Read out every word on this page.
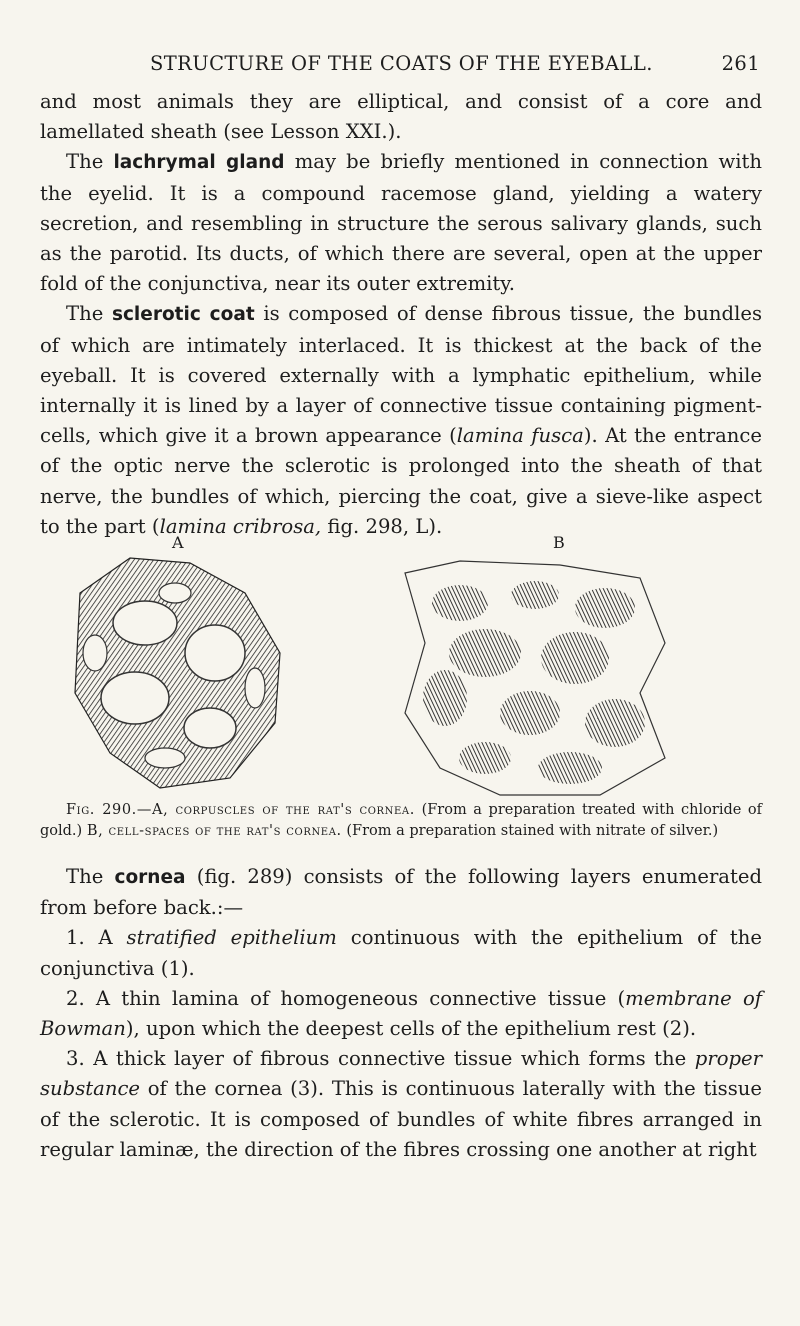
STRUCTURE OF THE COATS OF THE EYEBALL.	261

and most animals they are elliptical, and consist of a core and lamellated sheath (see Lesson XXI.).

The lachrymal gland may be briefly mentioned in connection with the eyelid. It is a compound racemose gland, yielding a watery secretion, and resembling in structure the serous salivary glands, such as the parotid. Its ducts, of which there are several, open at the upper fold of the conjunctiva, near its outer extremity.

The sclerotic coat is composed of dense fibrous tissue, the bundles of which are intimately interlaced. It is thickest at the back of the eyeball. It is covered externally with a lymphatic epithelium, while internally it is lined by a layer of connective tissue containing pigment-cells, which give it a brown appearance (lamina fusca). At the entrance of the optic nerve the sclerotic is prolonged into the sheath of that nerve, the bundles of which, piercing the coat, give a sieve-like aspect to the part (lamina cribrosa, fig. 298, L).

A	B

Fig. 290.—A, corpuscles of the rat's cornea. (From a preparation treated with chloride of gold.) B, cell-spaces of the rat's cornea. (From a preparation stained with nitrate of silver.)

The cornea (fig. 289) consists of the following layers enumerated from before back.:—

1. A stratified epithelium continuous with the epithelium of the conjunctiva (1).

2. A thin lamina of homogeneous connective tissue (membrane of Bowman), upon which the deepest cells of the epithelium rest (2).

3. A thick layer of fibrous connective tissue which forms the proper substance of the cornea (3). This is continuous laterally with the tissue of the sclerotic. It is composed of bundles of white fibres arranged in regular laminæ, the direction of the fibres crossing one another at right
